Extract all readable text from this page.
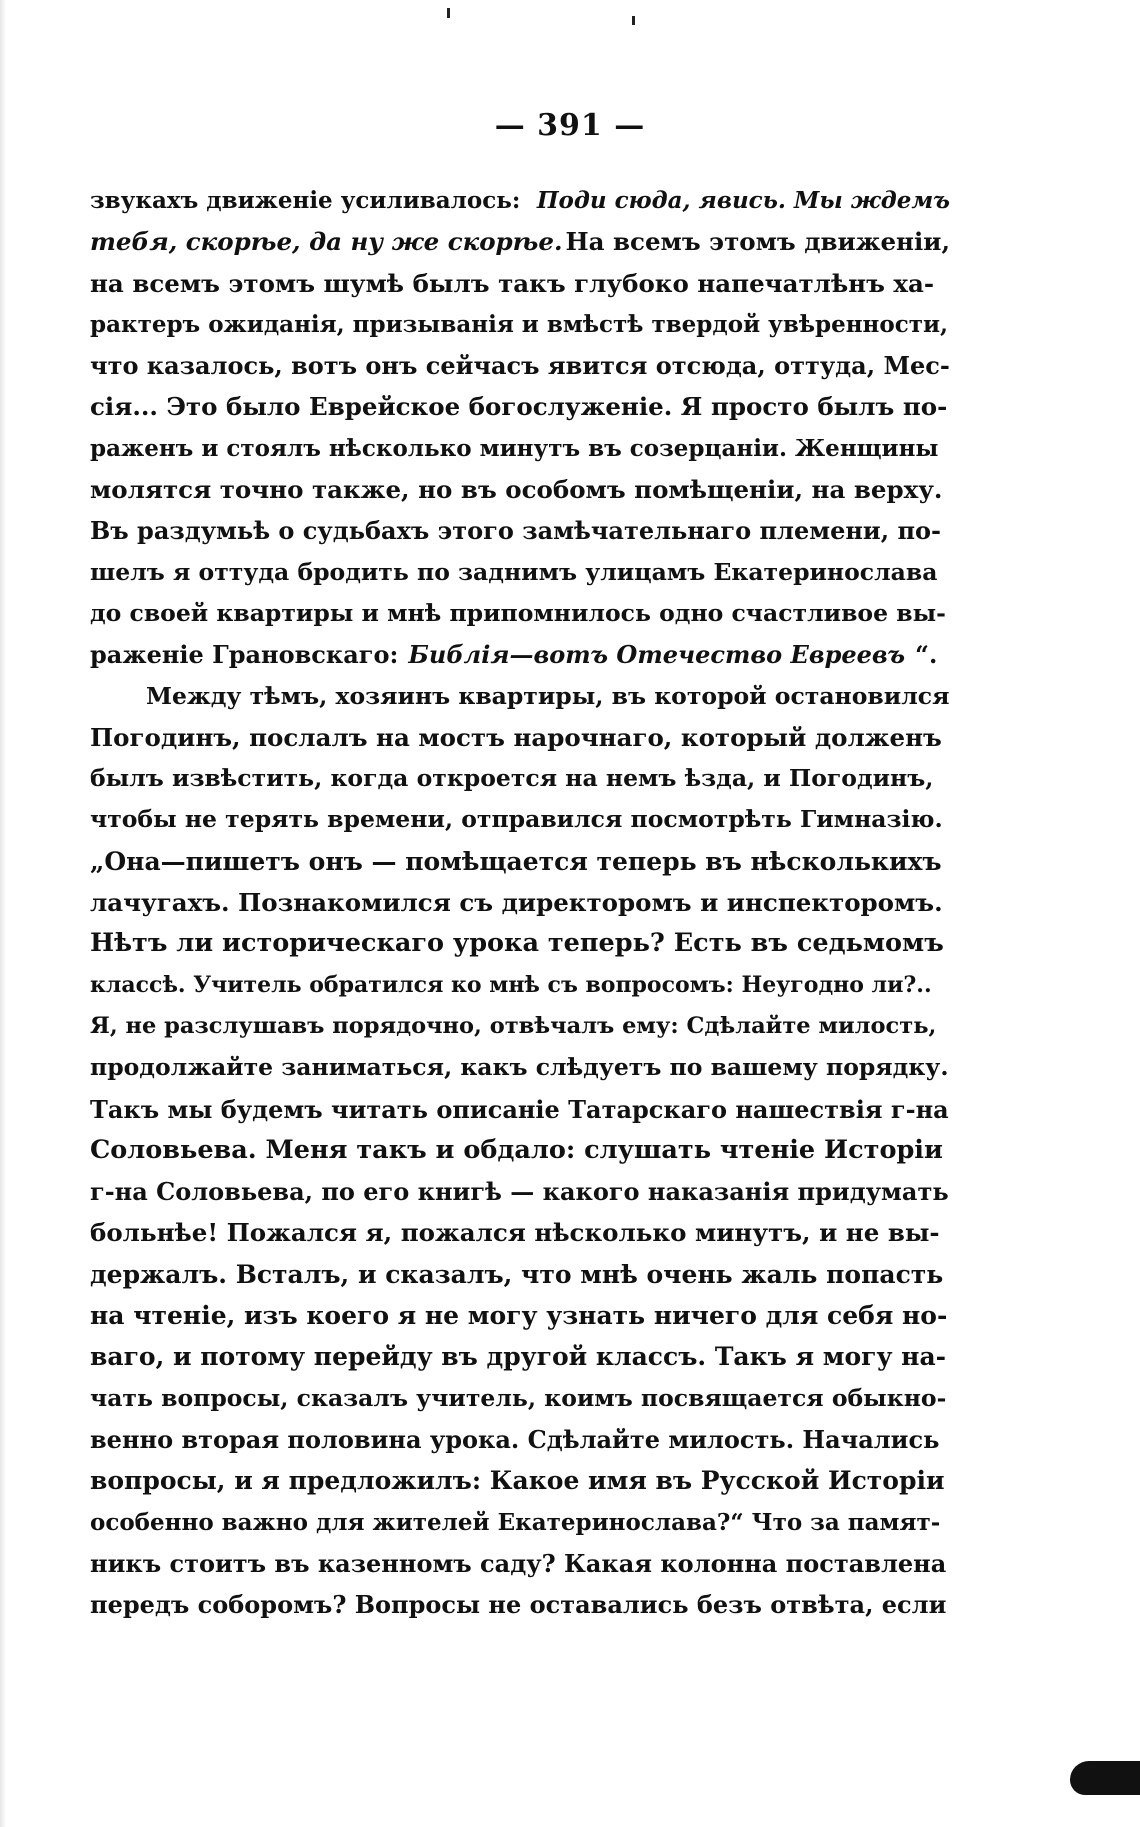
— 391 —
звукахъ движеніе усиливалось: Поди сюда, явись. Мы ждемъ
тебя, скорѣе, да ну же скорѣе. На всемъ этомъ движеніи,
на всемъ этомъ шумѣ былъ такъ глубоко напечатлѣнъ ха-
рактеръ ожиданія, призыванія и вмѣстѣ твердой увѣренности,
что казалось, вотъ онъ сейчасъ явится отсюда, оттуда, Мес-
сія... Это было Еврейское богослуженіе. Я просто былъ по-
раженъ и стоялъ нѣсколько минутъ въ созерцаніи. Женщины
молятся точно также, но въ особомъ помѣщеніи, на верху.
Въ раздумьѣ о судьбахъ этого замѣчательнаго племени, по-
шелъ я оттуда бродить по заднимъ улицамъ Екатеринослава
до своей квартиры и мнѣ припомнилось одно счастливое вы-
раженіе Грановскаго: Библія—вотъ Отечество Евреевъ “.
Между тѣмъ, хозяинъ квартиры, въ которой остановился
Погодинъ, послалъ на мостъ нарочнаго, который долженъ
былъ извѣстить, когда откроется на немъ ѣзда, и Погодинъ,
чтобы не терять времени, отправился посмотрѣть Гимназію.
„Она—пишетъ онъ — помѣщается теперь въ нѣсколькихъ
лачугахъ. Познакомился съ директоромъ и инспекторомъ.
Нѣтъ ли историческаго урока теперь? Есть въ седьмомъ
классѣ. Учитель обратился ко мнѣ съ вопросомъ: Неугодно ли?..
Я, не разслушавъ порядочно, отвѣчалъ ему: Сдѣлайте милость,
продолжайте заниматься, какъ слѣдуетъ по вашему порядку.
Такъ мы будемъ читать описаніе Татарскаго нашествія г-на
Соловьева. Меня такъ и обдало: слушать чтеніе Исторіи
г-на Соловьева, по его книгѣ — какого наказанія придумать
больнѣе! Пожался я, пожался нѣсколько минутъ, и не вы-
держалъ. Всталъ, и сказалъ, что мнѣ очень жаль попасть
на чтеніе, изъ коего я не могу узнать ничего для себя но-
ваго, и потому перейду въ другой классъ. Такъ я могу на-
чать вопросы, сказалъ учитель, коимъ посвящается обыкно-
венно вторая половина урока. Сдѣлайте милость. Начались
вопросы, и я предложилъ: Какое имя въ Русской Исторіи
особенно важно для жителей Екатеринослава?“ Что за памят-
никъ стоитъ въ казенномъ саду? Какая колонна поставлена
передъ соборомъ? Вопросы не оставались безъ отвѣта, если
